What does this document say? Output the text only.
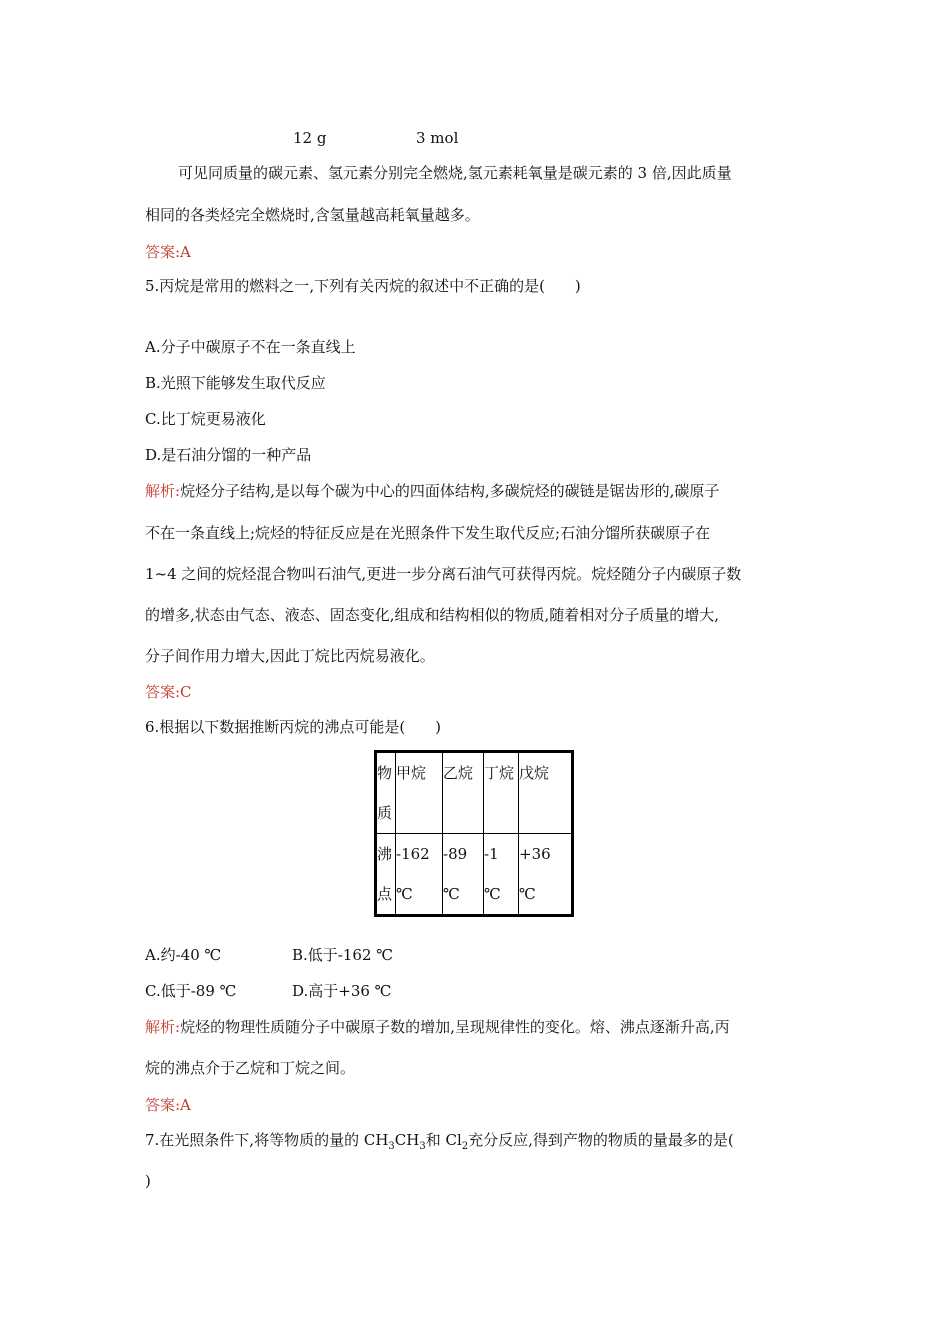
12 g	3 mol
可见同质量的碳元素、氢元素分别完全燃烧,氢元素耗氧量是碳元素的 3 倍,因此质量
相同的各类烃完全燃烧时,含氢量越高耗氧量越多。
答案:A
5.丙烷是常用的燃料之一,下列有关丙烷的叙述中不正确的是(　　)
A.分子中碳原子不在一条直线上
B.光照下能够发生取代反应
C.比丁烷更易液化
D.是石油分馏的一种产品
解析:烷烃分子结构,是以每个碳为中心的四面体结构,多碳烷烃的碳链是锯齿形的,碳原子
不在一条直线上;烷烃的特征反应是在光照条件下发生取代反应;石油分馏所获碳原子在
1~4 之间的烷烃混合物叫石油气,更进一步分离石油气可获得丙烷。烷烃随分子内碳原子数
的增多,状态由气态、液态、固态变化,组成和结构相似的物质,随着相对分子质量的增大,
分子间作用力增大,因此丁烷比丙烷易液化。
答案:C
6.根据以下数据推断丙烷的沸点可能是(　　)
物质	甲烷	乙烷	丁烷	戊烷
沸点	-162 ℃	-89 ℃	-1 ℃	+36 ℃
A.约-40 ℃	B.低于-162 ℃
C.低于-89 ℃	D.高于+36 ℃
解析:烷烃的物理性质随分子中碳原子数的增加,呈现规律性的变化。熔、沸点逐渐升高,丙
烷的沸点介于乙烷和丁烷之间。
答案:A
7.在光照条件下,将等物质的量的 $CH_3CH_3$和 $Cl_2$充分反应,得到产物的物质的量最多的是(
)
